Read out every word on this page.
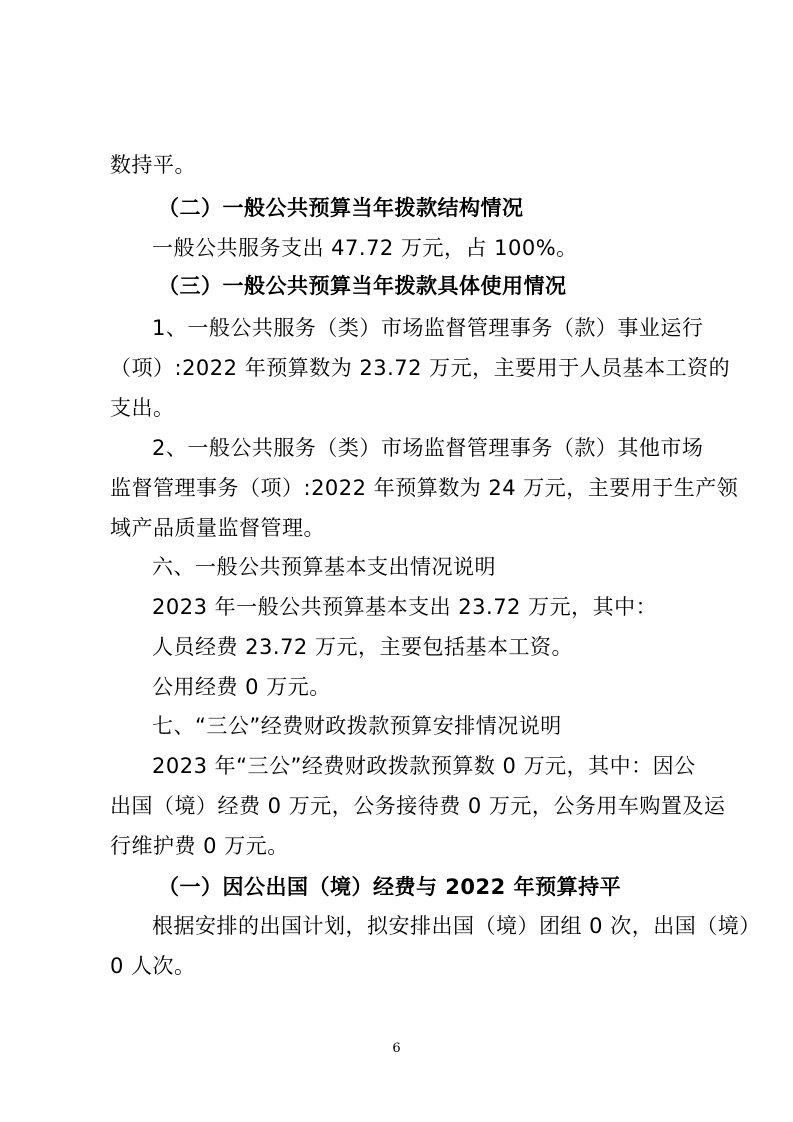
数持平。
（二）一般公共预算当年拨款结构情况
一般公共服务支出 47.72 万元，占 100%。
（三）一般公共预算当年拨款具体使用情况
1、一般公共服务（类）市场监督管理事务（款）事业运行
（项）:2022 年预算数为 23.72 万元，主要用于人员基本工资的
支出。
2、一般公共服务（类）市场监督管理事务（款）其他市场
监督管理事务（项）:2022 年预算数为 24 万元，主要用于生产领
域产品质量监督管理。
六、一般公共预算基本支出情况说明
2023 年一般公共预算基本支出 23.72 万元，其中：
人员经费 23.72 万元，主要包括基本工资。
公用经费 0 万元。
七、“三公”经费财政拨款预算安排情况说明
2023 年“三公”经费财政拨款预算数 0 万元，其中：因公
出国（境）经费 0 万元，公务接待费 0 万元，公务用车购置及运
行维护费 0 万元。
（一）因公出国（境）经费与 2022 年预算持平
根据安排的出国计划，拟安排出国（境）团组 0 次，出国（境）
0 人次。
6
